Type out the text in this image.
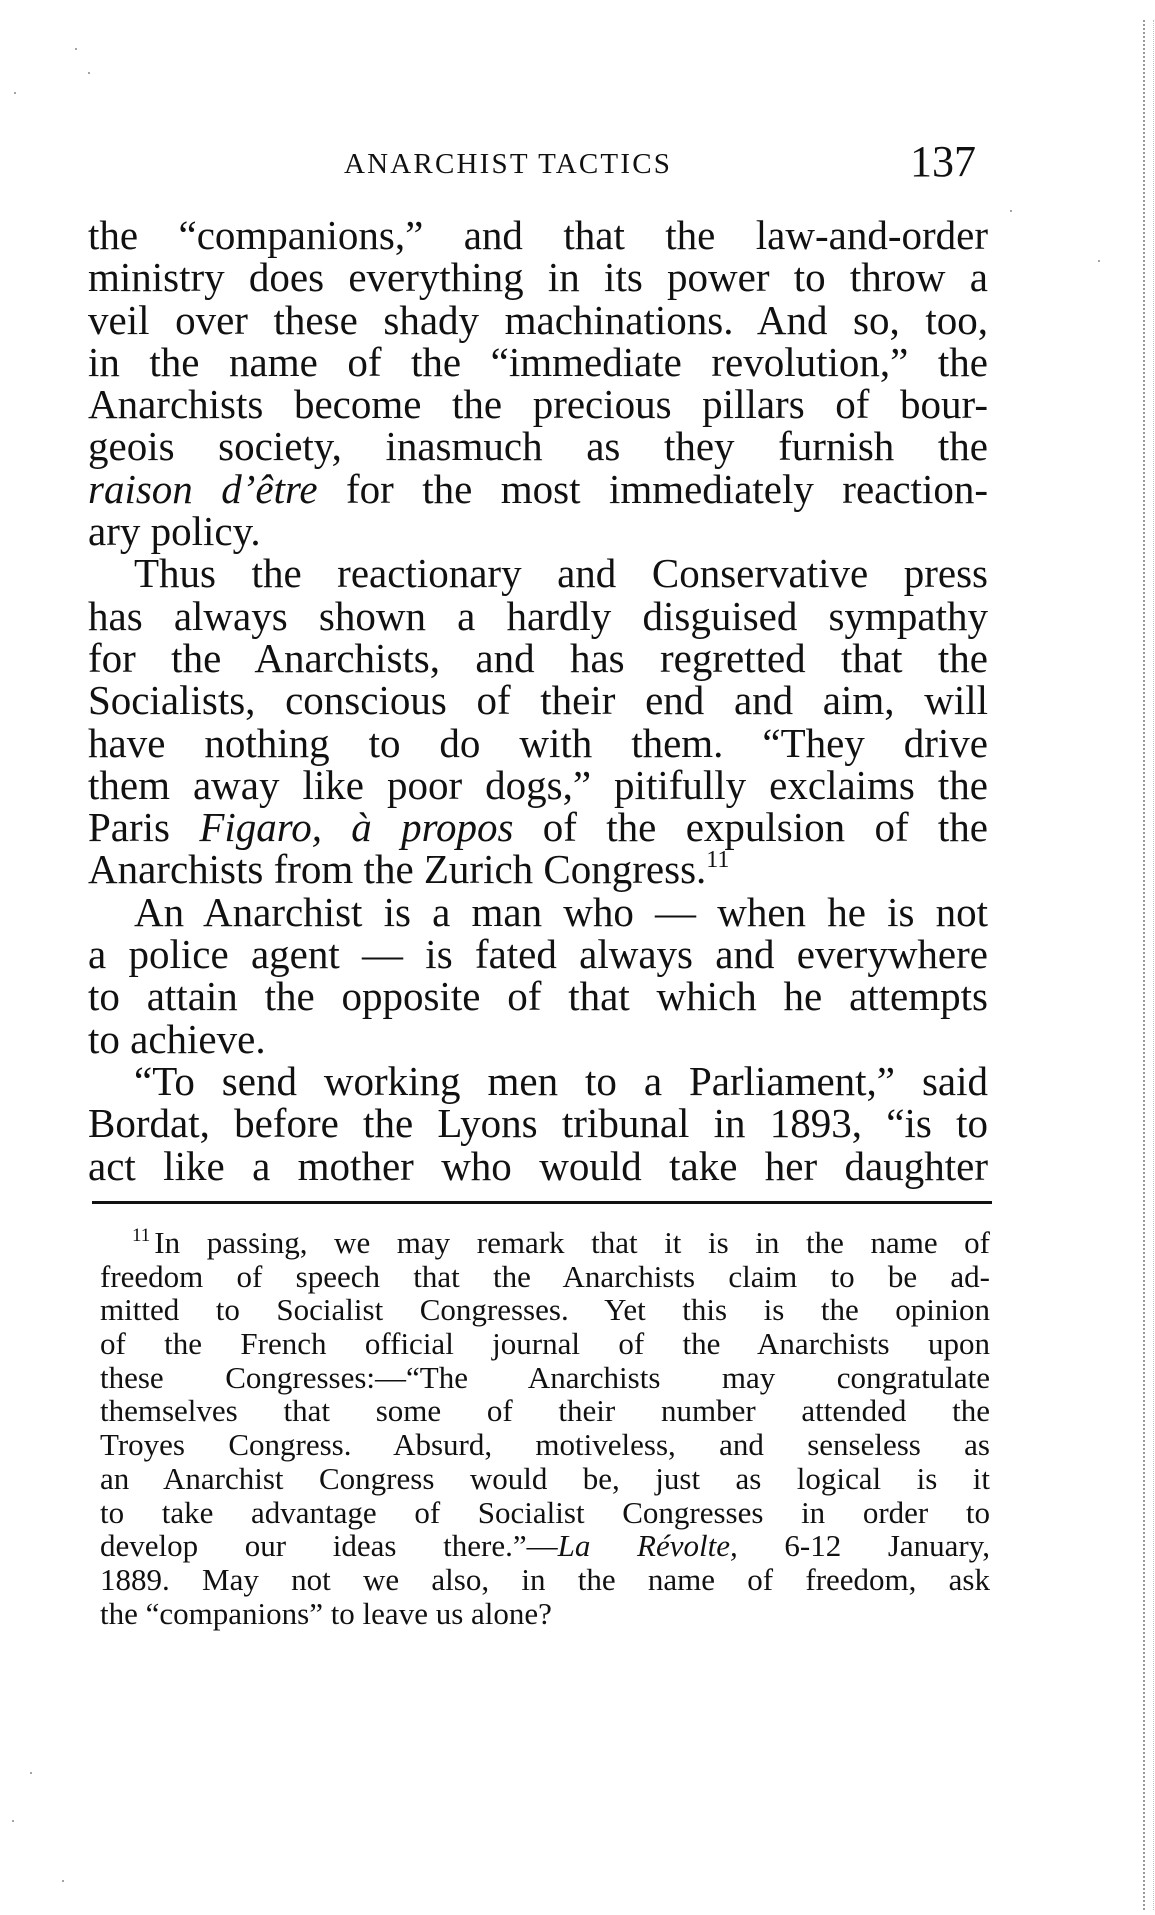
ANARCHIST TACTICS	137
the “companions,” and that the law-and-order
ministry does everything in its power to throw a
veil over these shady machinations. And so, too,
in the name of the “immediate revolution,” the
Anarchists become the precious pillars of bour-
geois society, inasmuch as they furnish the
raison d’être for the most immediately reaction-
ary policy.
Thus the reactionary and Conservative press
has always shown a hardly disguised sympathy
for the Anarchists, and has regretted that the
Socialists, conscious of their end and aim, will
have nothing to do with them. “They drive
them away like poor dogs,” pitifully exclaims the
Paris Figaro, à propos of the expulsion of the
Anarchists from the Zurich Congress.$^{11}$
An Anarchist is a man who — when he is not
a police agent — is fated always and everywhere
to attain the opposite of that which he attempts
to achieve.
“To send working men to a Parliament,” said
Bordat, before the Lyons tribunal in 1893, “is to
act like a mother who would take her daughter
$^{11}$ In passing, we may remark that it is in the name of
freedom of speech that the Anarchists claim to be ad-
mitted to Socialist Congresses. Yet this is the opinion
of the French official journal of the Anarchists upon
these Congresses:—“The Anarchists may congratulate
themselves that some of their number attended the
Troyes Congress. Absurd, motiveless, and senseless as
an Anarchist Congress would be, just as logical is it
to take advantage of Socialist Congresses in order to
develop our ideas there.”—La Révolte, 6-12 January,
1889. May not we also, in the name of freedom, ask
the “companions” to leave us alone?
